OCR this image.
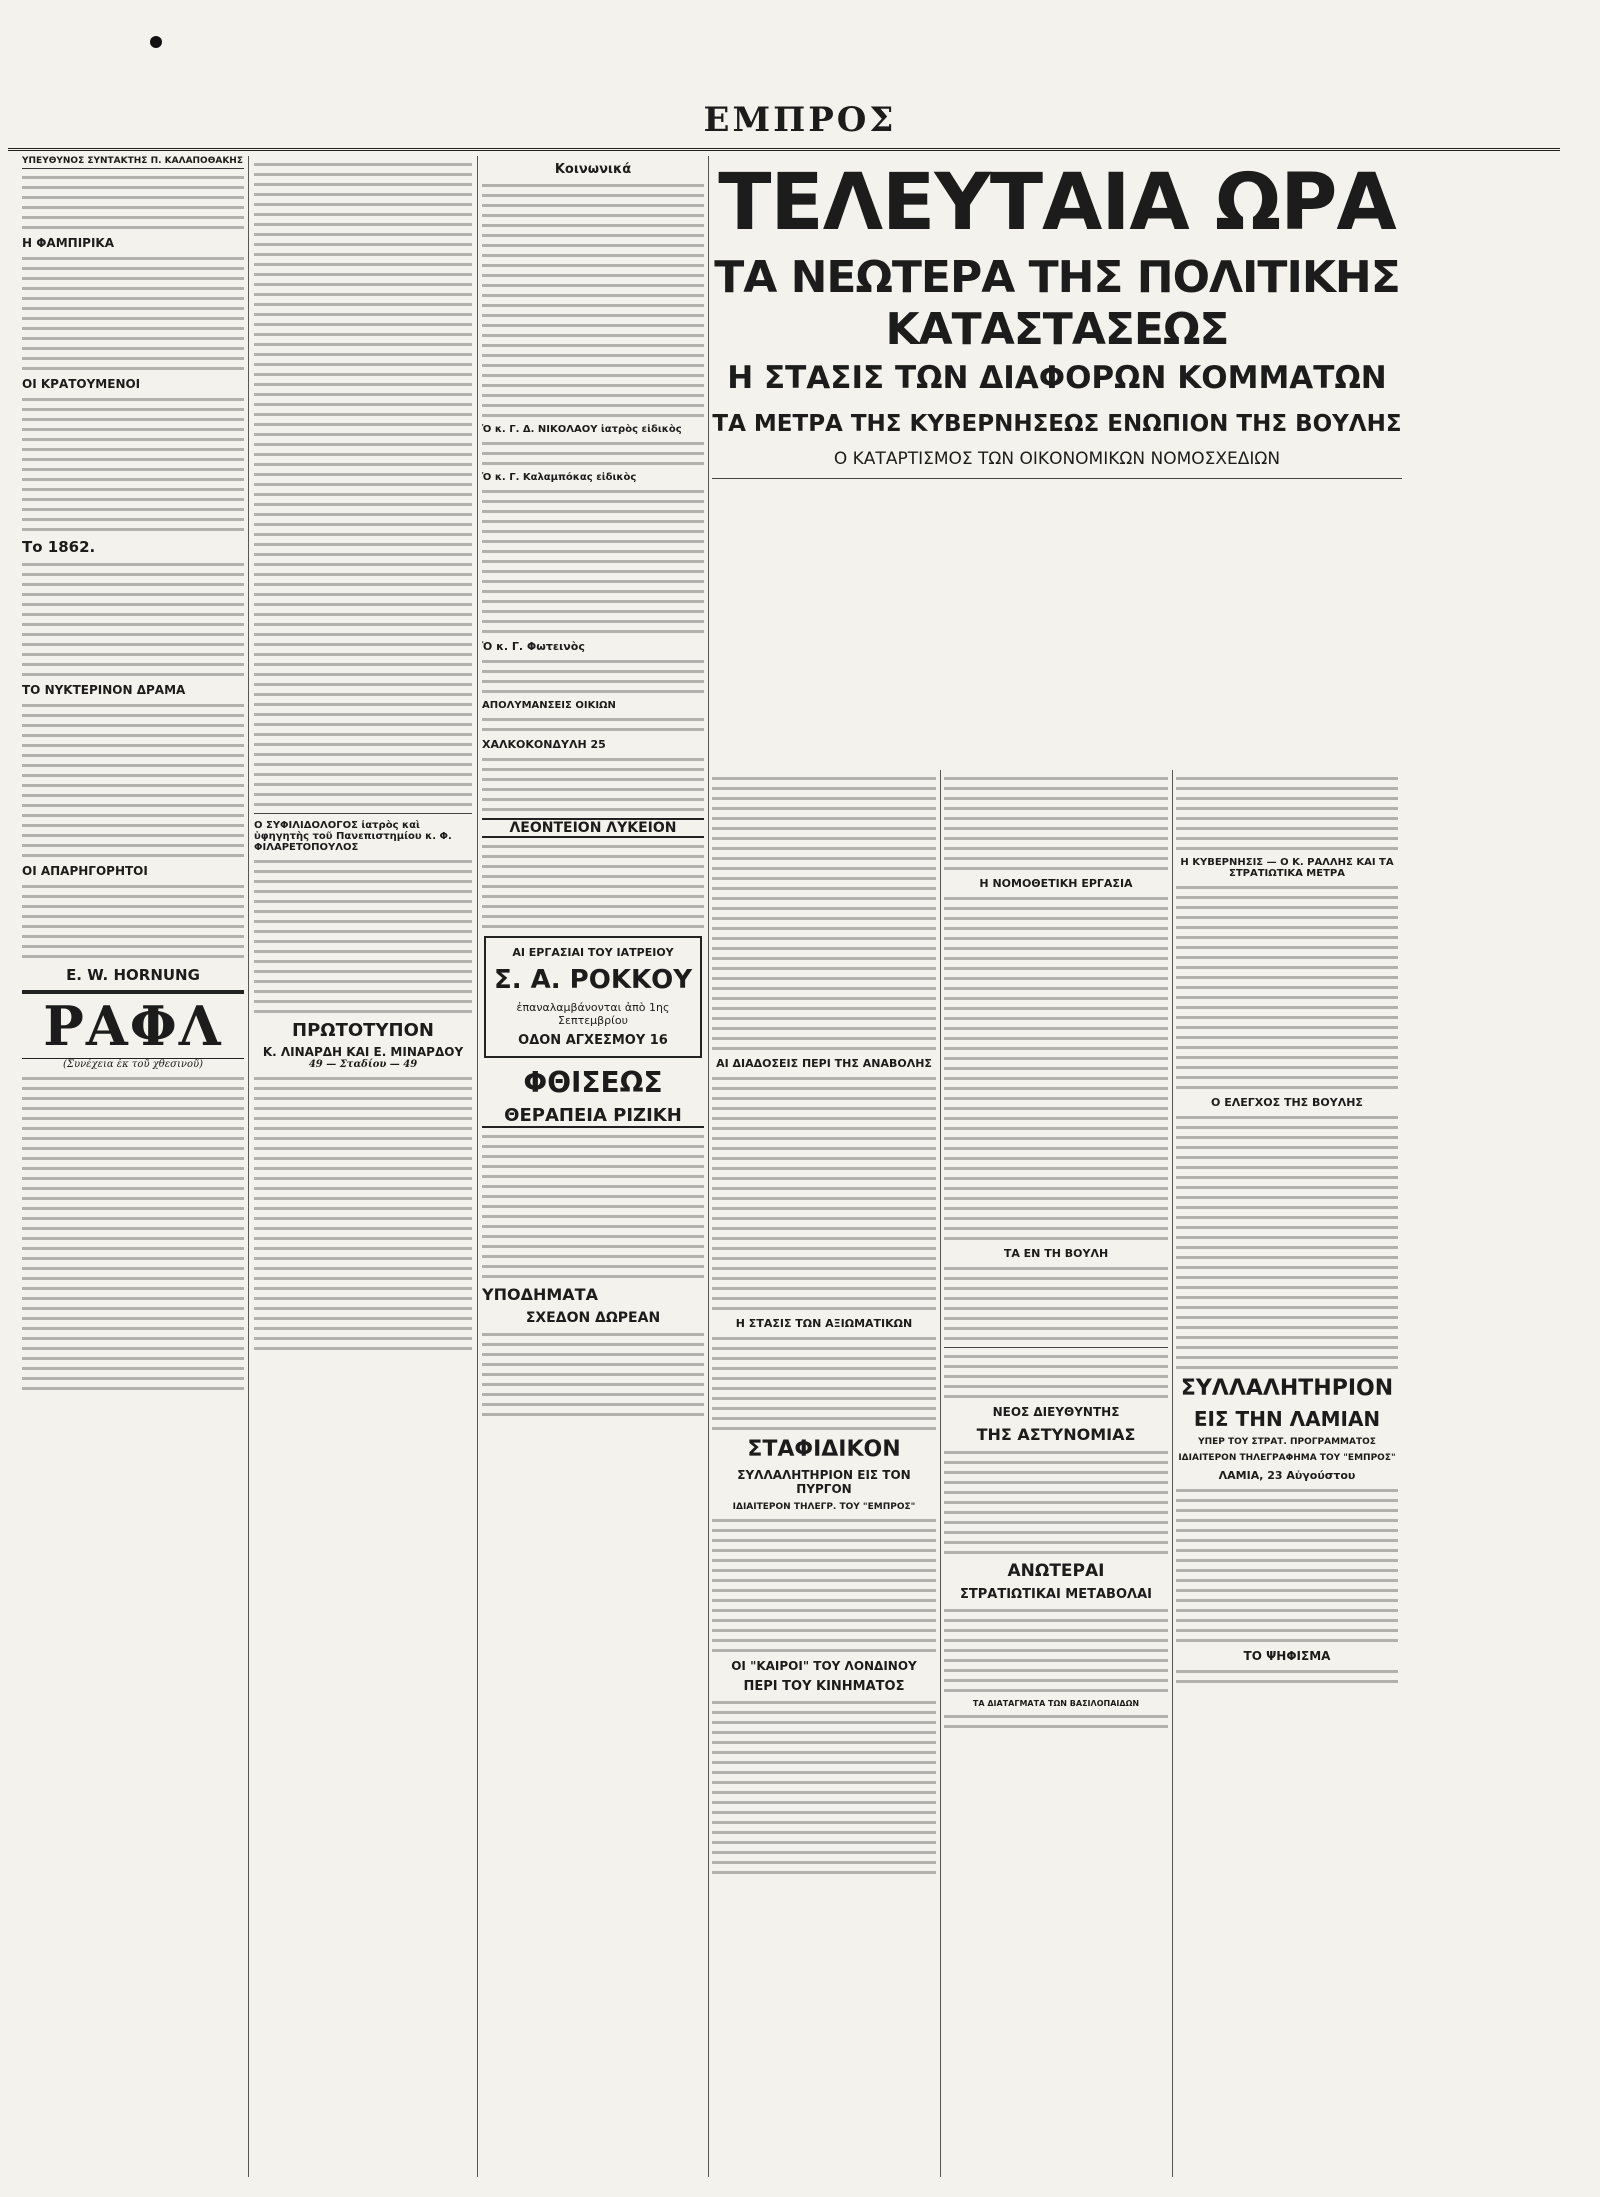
ΕΜΠΡΟΣ
ΥΠΕΥΘΥΝΟΣ ΣΥΝΤΑΚΤΗΣ Π. ΚΑΛΑΠΟΘΑΚΗΣ
Η ΦΑΜΠΙΡΙΚΑ
ΟΙ ΚΡΑΤΟΥΜΕΝΟΙ
Το 1862.
ΤΟ ΝΥΚΤΕΡΙΝΟΝ ΔΡΑΜΑ
ΟΙ ΑΠΑΡΗΓΟΡΗΤΟΙ
E. W. HORNUNG
ΡΑΦΛ
(Συνέχεια ἐκ τοῦ χθεσινοῦ)
Ο ΣΥΦΙΛΙΔΟΛΟΓΟΣ ἰατρὸς καὶ ὑφηγητὴς τοῦ Πανεπιστημίου κ. Φ. ΦΙΛΑΡΕΤΟΠΟΥΛΟΣ
ΠΡΩΤΟΤΥΠΟΝ
Κ. ΛΙΝΑΡΔΗ ΚΑΙ Ε. ΜΙΝΑΡΔΟΥ
49 — Σταδίου — 49
Κοινωνικά
Ὁ κ. Γ. Δ. ΝΙΚΟΛΑΟΥ ἰατρὸς εἰδικὸς
Ὁ κ. Γ. Καλαμπόκας εἰδικὸς
Ὁ κ. Γ. Φωτεινὸς
ΑΠΟΛΥΜΑΝΣΕΙΣ ΟΙΚΙΩΝ
ΧΑΛΚΟΚΟΝΔΥΛΗ 25
ΛΕΟΝΤΕΙΟΝ ΛΥΚΕΙΟΝ
ΑΙ ΕΡΓΑΣΙΑΙ ΤΟΥ ΙΑΤΡΕΙΟΥ
Σ. Α. ΡΟΚΚΟΥ
ἐπαναλαμβάνονται ἀπὸ 1ης Σεπτεμβρίου
ΟΔΟΝ ΑΓΧΕΣΜΟΥ 16
ΦΘΙΣΕΩΣ
ΘΕΡΑΠΕΙΑ ΡΙΖΙΚΗ
ΥΠΟΔΗΜΑΤΑ
ΣΧΕΔΟΝ ΔΩΡΕΑΝ
ΤΕΛΕΥΤΑΙΑ ΩΡΑ
ΤΑ ΝΕΩΤΕΡΑ ΤΗΣ ΠΟΛΙΤΙΚΗΣ ΚΑΤΑΣΤΑΣΕΩΣ
Η ΣΤΑΣΙΣ ΤΩΝ ΔΙΑΦΟΡΩΝ ΚΟΜΜΑΤΩΝ
ΤΑ ΜΕΤΡΑ ΤΗΣ ΚΥΒΕΡΝΗΣΕΩΣ ΕΝΩΠΙΟΝ ΤΗΣ ΒΟΥΛΗΣ
Ο ΚΑΤΑΡΤΙΣΜΟΣ ΤΩΝ ΟΙΚΟΝΟΜΙΚΩΝ ΝΟΜΟΣΧΕΔΙΩΝ
ΑΙ ΔΙΑΔΟΣΕΙΣ ΠΕΡΙ ΤΗΣ ΑΝΑΒΟΛΗΣ
Η ΣΤΑΣΙΣ ΤΩΝ ΑΞΙΩΜΑΤΙΚΩΝ
ΣΤΑΦΙΔΙΚΟΝ
ΣΥΛΛΑΛΗΤΗΡΙΟΝ ΕΙΣ ΤΟΝ ΠΥΡΓΟΝ
ΙΔΙΑΙΤΕΡΟΝ ΤΗΛΕΓΡ. ΤΟΥ "ΕΜΠΡΟΣ"
ΟΙ "ΚΑΙΡΟΙ" ΤΟΥ ΛΟΝΔΙΝΟΥ
ΠΕΡΙ ΤΟΥ ΚΙΝΗΜΑΤΟΣ
Η ΝΟΜΟΘΕΤΙΚΗ ΕΡΓΑΣΙΑ
ΤΑ ΕΝ ΤΗ ΒΟΥΛΗ
ΝΕΟΣ ΔΙΕΥΘΥΝΤΗΣ
ΤΗΣ ΑΣΤΥΝΟΜΙΑΣ
ΑΝΩΤΕΡΑΙ
ΣΤΡΑΤΙΩΤΙΚΑΙ ΜΕΤΑΒΟΛΑΙ
ΤΑ ΔΙΑΤΑΓΜΑΤΑ ΤΩΝ ΒΑΣΙΛΟΠΑΙΔΩΝ
Η ΚΥΒΕΡΝΗΣΙΣ — Ο Κ. ΡΑΛΛΗΣ ΚΑΙ ΤΑ ΣΤΡΑΤΙΩΤΙΚΑ ΜΕΤΡΑ
Ο ΕΛΕΓΧΟΣ ΤΗΣ ΒΟΥΛΗΣ
ΣΥΛΛΑΛΗΤΗΡΙΟΝ
ΕΙΣ ΤΗΝ ΛΑΜΙΑΝ
ΥΠΕΡ ΤΟΥ ΣΤΡΑΤ. ΠΡΟΓΡΑΜΜΑΤΟΣ
ΙΔΙΑΙΤΕΡΟΝ ΤΗΛΕΓΡΑΦΗΜΑ ΤΟΥ "ΕΜΠΡΟΣ"
ΛΑΜΙΑ, 23 Αὐγούστου
ΤΟ ΨΗΦΙΣΜΑ
